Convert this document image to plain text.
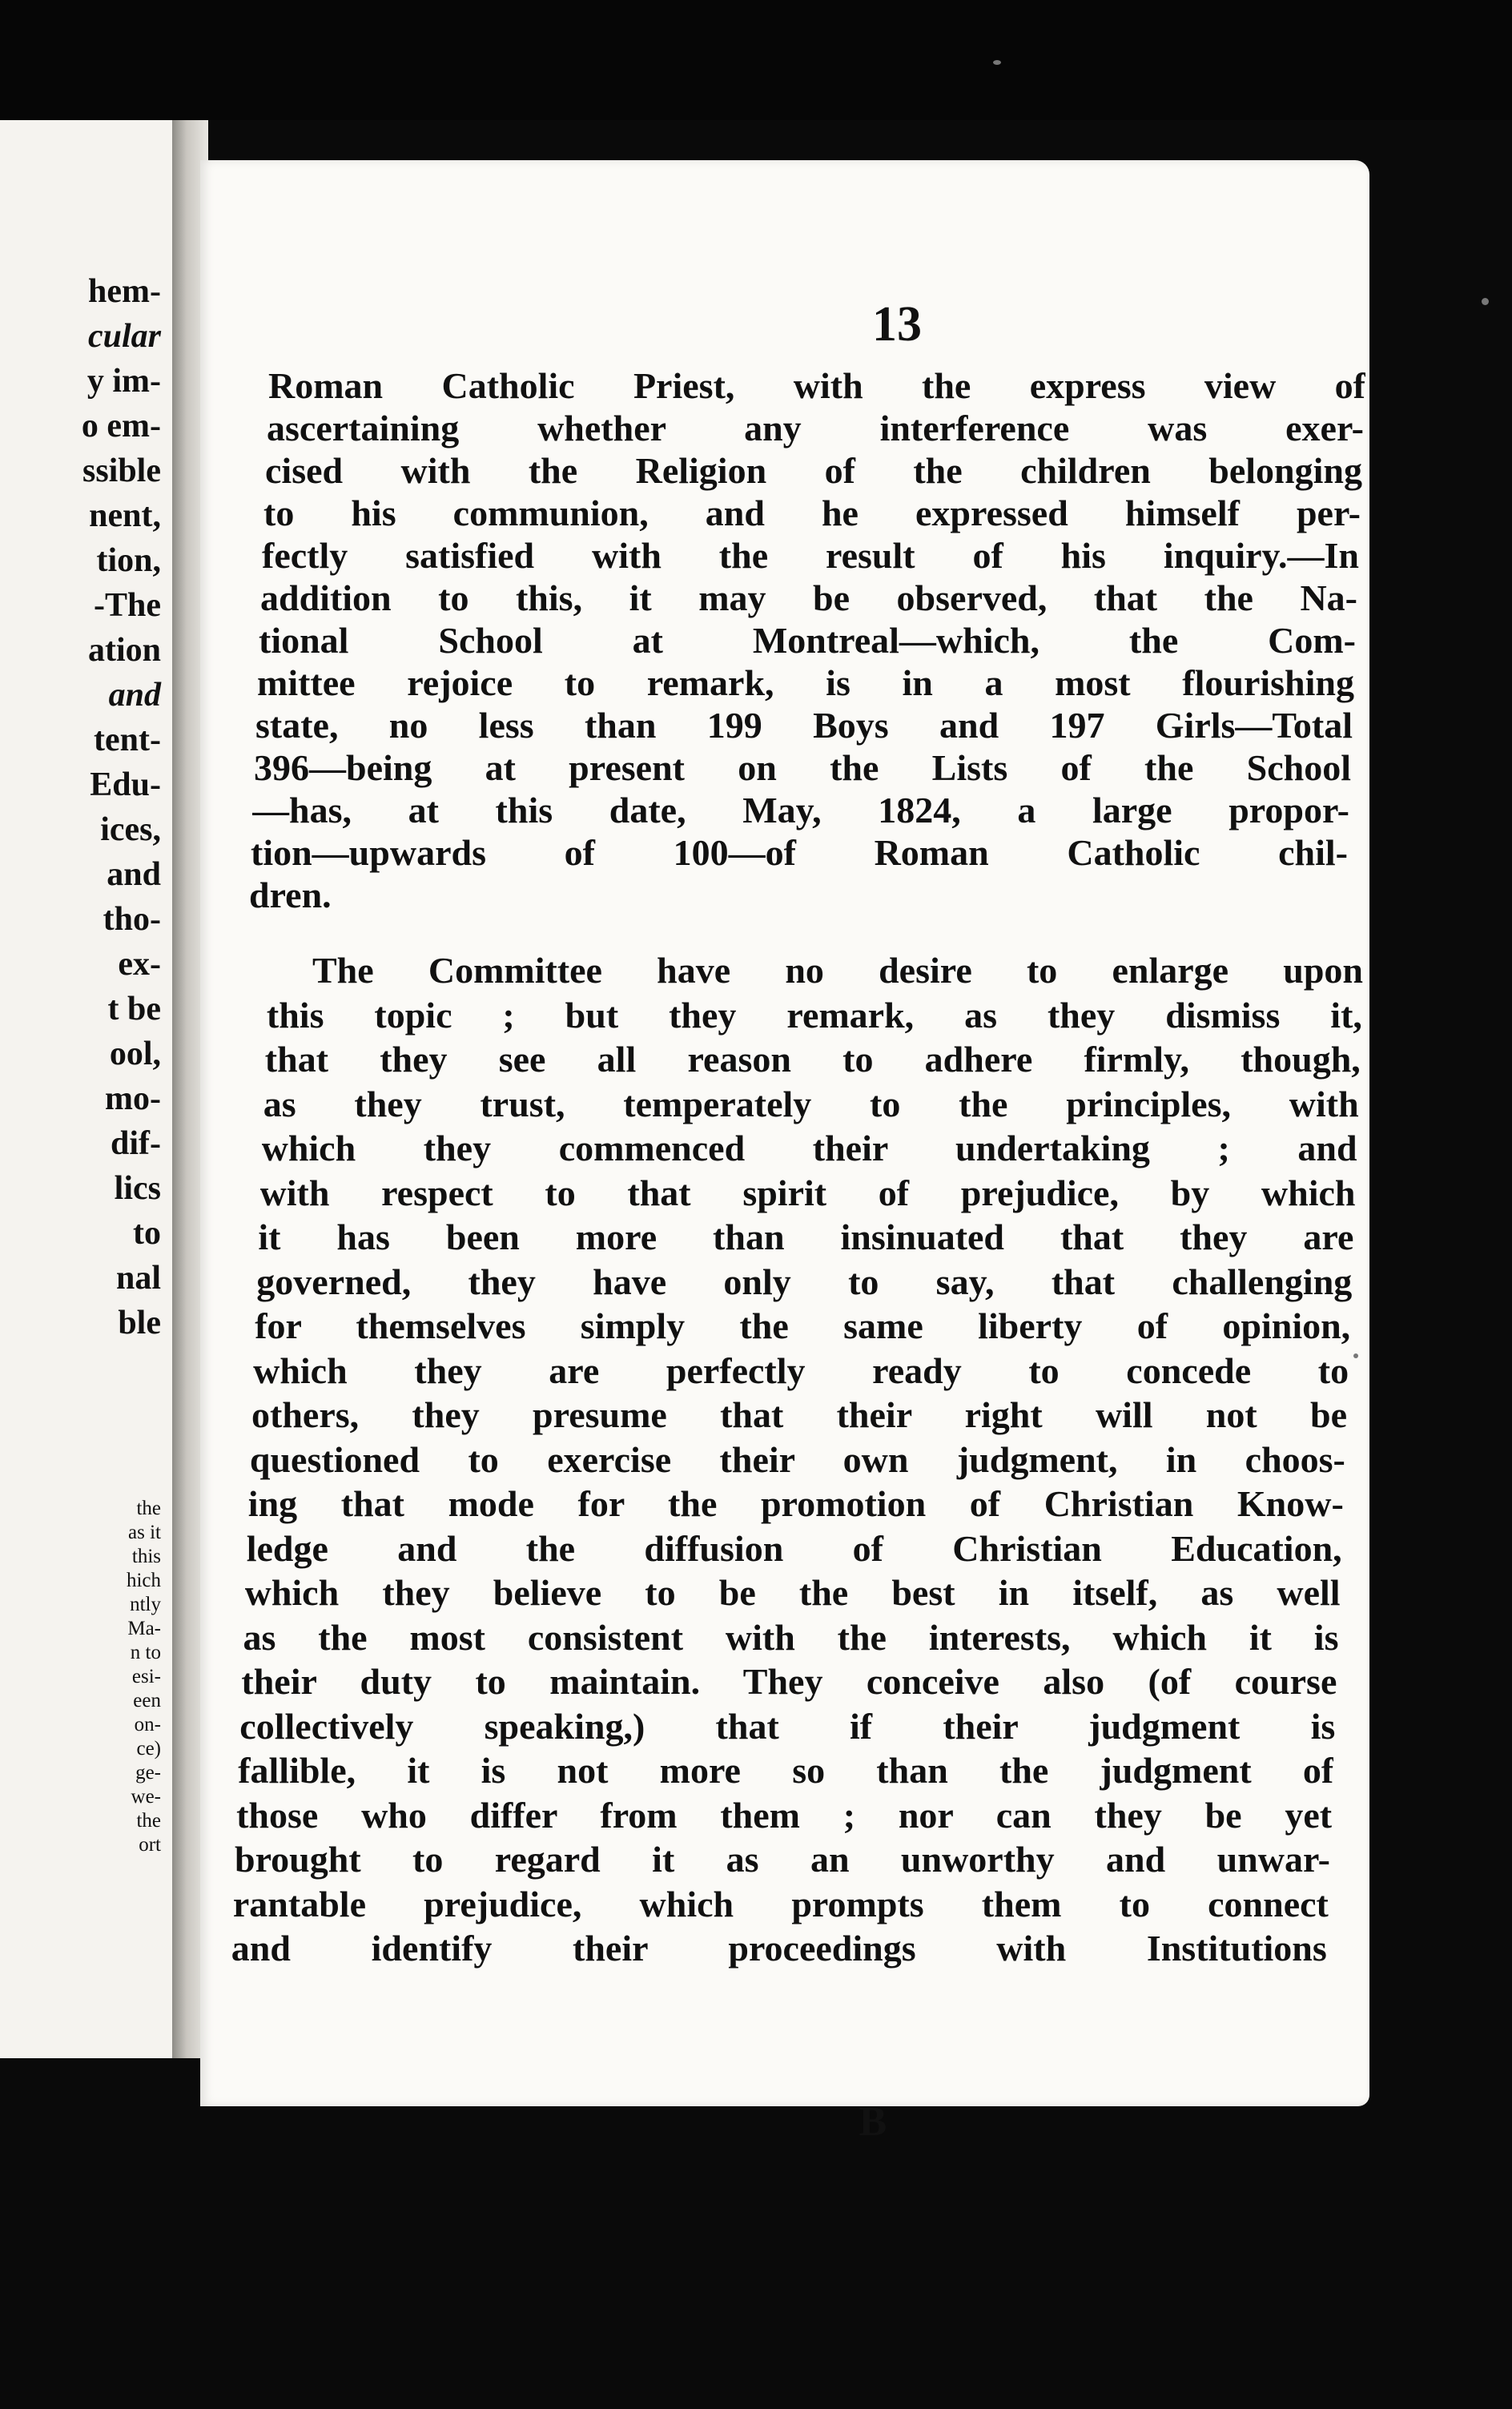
hem-
cular
y im-
o em-
ssible
nent,
tion,
-The
ation
and
tent-
Edu-
ices,
and
tho-
ex-
t be
ool,
mo-
dif-
lics
to
nal
ble
the
as it
this
hich
ntly
Ma-
n to
esi-
een
on-
ce)
ge-
we-
the
ort
13
Roman Catholic Priest, with the express view of
ascertaining whether any interference was exer-
cised with the Religion of the children belonging
to his communion, and he expressed himself per-
fectly satisfied with the result of his inquiry.—In
addition to this, it may be observed, that the Na-
tional School at Montreal—which, the Com-
mittee rejoice to remark, is in a most flourishing
state, no less than 199 Boys and 197 Girls—Total
396—being at present on the Lists of the School
—has, at this date, May, 1824, a large propor-
tion—upwards of 100—of Roman Catholic chil-
dren.
The Committee have no desire to enlarge upon
this topic ; but they remark, as they dismiss it,
that they see all reason to adhere firmly, though,
as they trust, temperately to the principles, with
which they commenced their undertaking ; and
with respect to that spirit of prejudice, by which
it has been more than insinuated that they are
governed, they have only to say, that challenging
for themselves simply the same liberty of opinion,
which they are perfectly ready to concede to
others, they presume that their right will not be
questioned to exercise their own judgment, in choos-
ing that mode for the promotion of Christian Know-
ledge and the diffusion of Christian Education,
which they believe to be the best in itself, as well
as the most consistent with the interests, which it is
their duty to maintain. They conceive also (of course
collectively speaking,) that if their judgment is
fallible, it is not more so than the judgment of
those who differ from them ; nor can they be yet
brought to regard it as an unworthy and unwar-
rantable prejudice, which prompts them to connect
and identify their proceedings with Institutions
B
